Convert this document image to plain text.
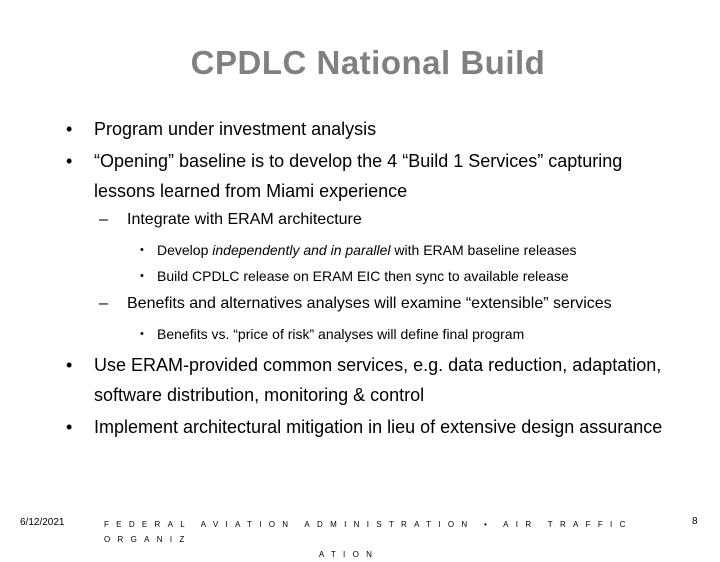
CPDLC National Build
• Program under investment analysis
• “Opening” baseline is to develop the 4 “Build 1 Services” capturing lessons learned from Miami experience
– Integrate with ERAM architecture
• Develop independently and in parallel with ERAM baseline releases
• Build CPDLC release on ERAM EIC then sync to available release
– Benefits and alternatives analyses will examine “extensible” services
• Benefits vs. “price of risk” analyses will define final program
• Use ERAM-provided common services, e.g. data reduction, adaptation, software distribution, monitoring & control
• Implement architectural mitigation in lieu of extensive design assurance
6/12/2021	FEDERAL AVIATION ADMINISTRATION • AIR TRAFFIC ORGANIZ
ATION
8
